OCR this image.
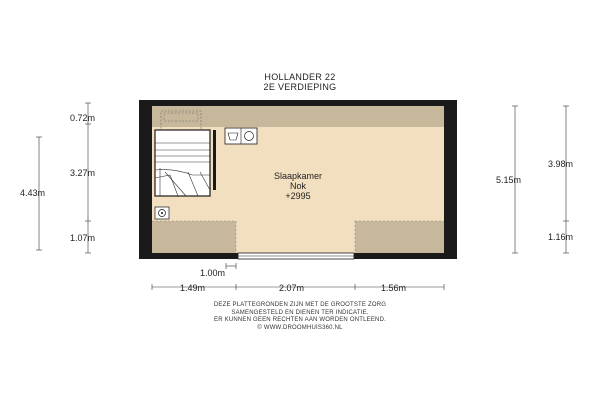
HOLLANDER 22
2E VERDIEPING
Slaapkamer
Nok
+2995
4.43m
0.72m
3.27m
1.07m
5.15m
3.98m
1.16m
1.00m
1.49m	2.07m	1.56m
DEZE PLATTEGRONDEN ZIJN MET DE GROOTSTE ZORG
SAMENGESTELD EN DIENEN TER INDICATIE.
ER KUNNEN GEEN RECHTEN AAN WORDEN ONTLEEND.
© WWW.DROOMHUIS360.NL
